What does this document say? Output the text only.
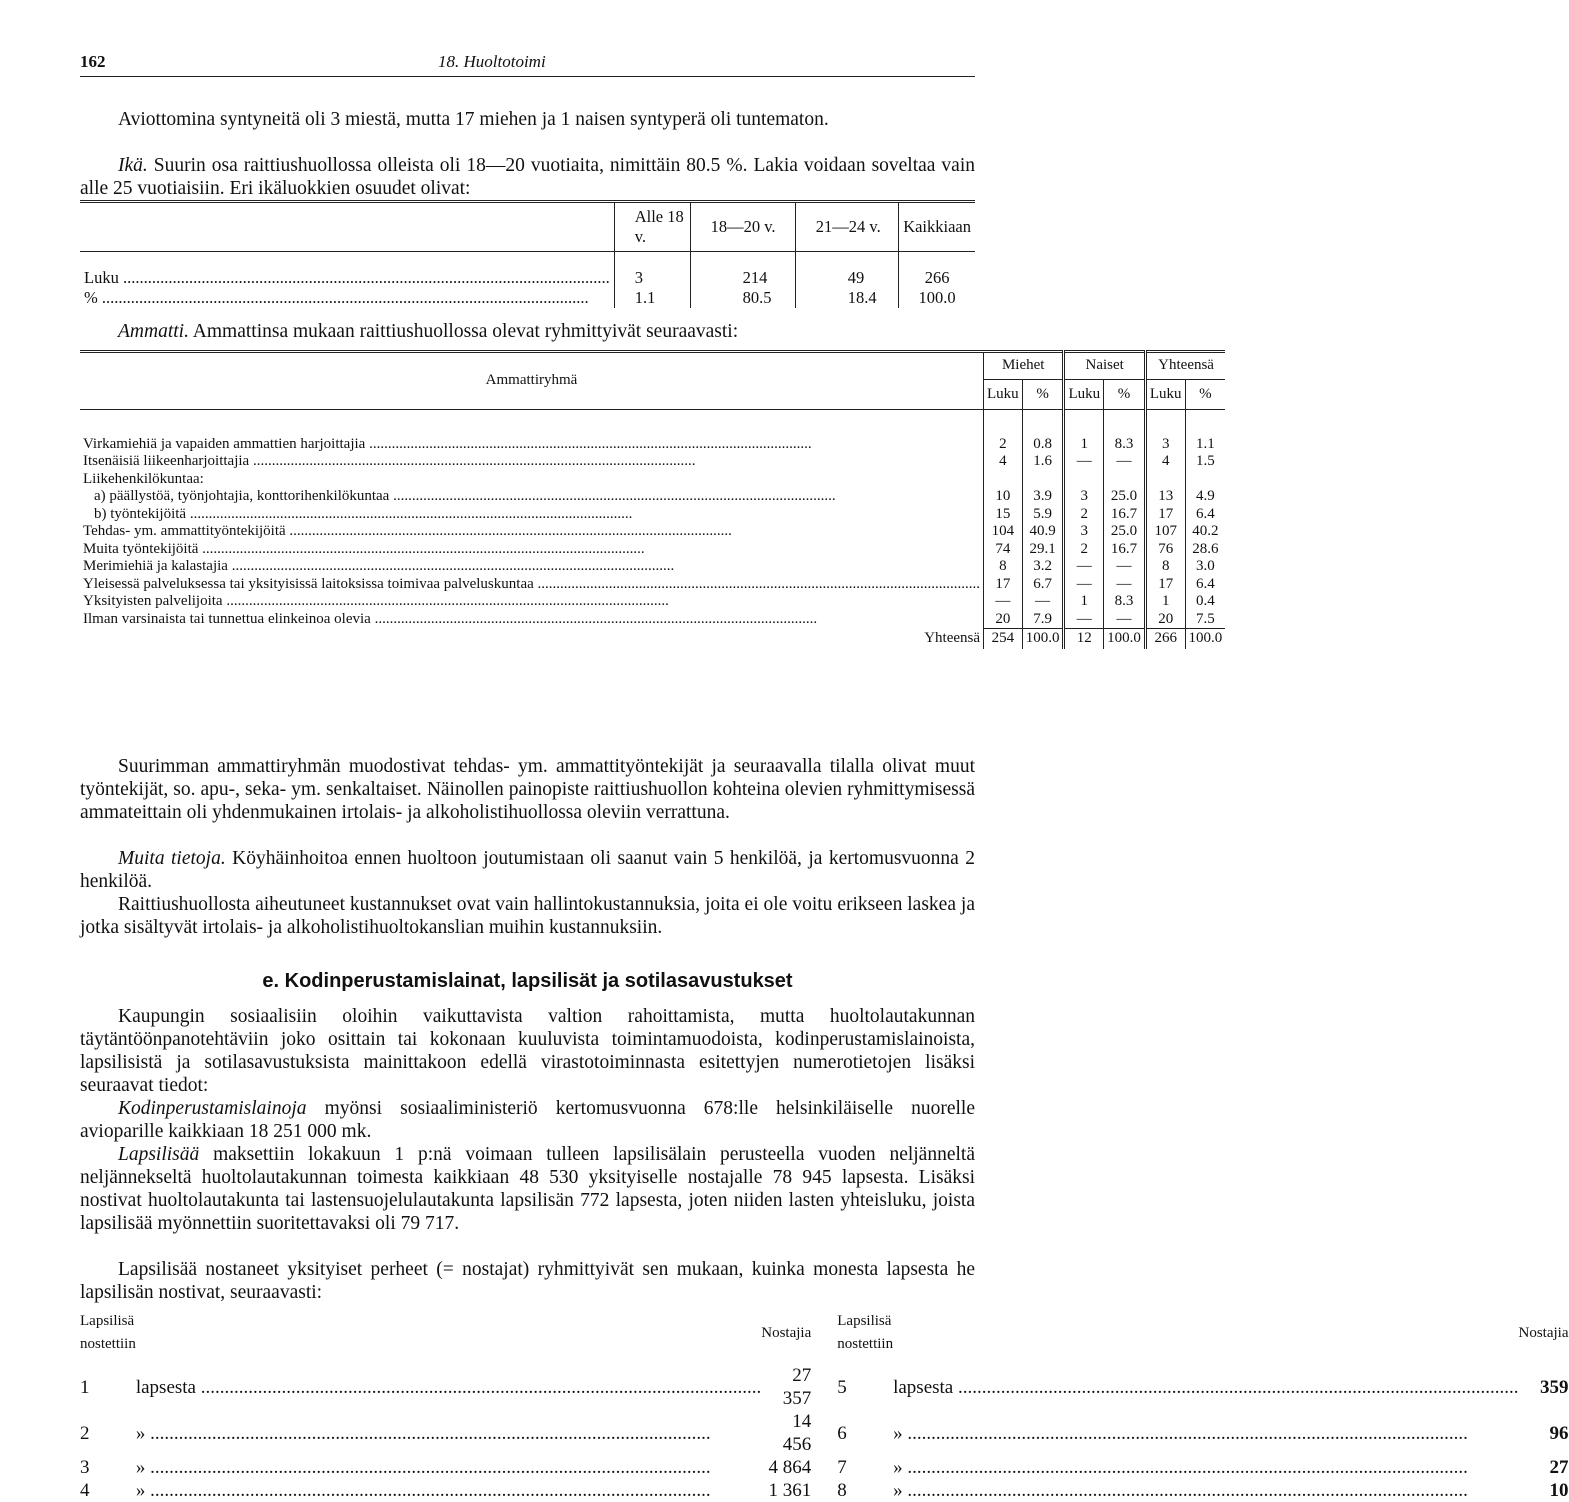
162	18. Huoltotoimi
Aviottomina syntyneitä oli 3 miestä, mutta 17 miehen ja 1 naisen syntyperä oli tuntematon.
Ikä. Suurin osa raittiushuollossa olleista oli 18—20 vuotiaita, nimittäin 80.5 %. Lakia voidaan soveltaa vain alle 25 vuotiaisiin. Eri ikäluokkien osuudet olivat:
	Alle 18 v.	18—20 v.	21—24 v.	Kaikkiaan

Luku .....	3	214	49	266
% .....	1.1	80.5	18.4	100.0
Ammatti. Ammattinsa mukaan raittiushuollossa olevat ryhmittyivät seuraavasti:
Ammattiryhmä	Miehet		Naiset		Yhteensä	
	Luku	%	Luku	%	Luku	%

Virkamiehiä ja vapaiden ammattien harjoittajia .....	2	0.8	1	8.3	3	1.1
Itsenäisiä liikeenharjoittajia .....	4	1.6	—	—	4	1.5
Liikehenkilökuntaa:						
a) päällystöä, työnjohtajia, konttorihenkilökuntaa .....	10	3.9	3	25.0	13	4.9
b) työntekijöitä .....	15	5.9	2	16.7	17	6.4
Tehdas- ym. ammattityöntekijöitä .....	104	40.9	3	25.0	107	40.2
Muita työntekijöitä .....	74	29.1	2	16.7	76	28.6
Merimiehiä ja kalastajia .....	8	3.2	—	—	8	3.0
Yleisessä palveluksessa tai yksityisissä laitoksissa toimivaa palveluskuntaa .....	17	6.7	—	—	17	6.4
Yksityisten palvelijoita .....	—	—	1	8.3	1	0.4
Ilman varsinaista tai tunnettua elinkeinoa olevia .....	20	7.9	—	—	20	7.5
Yhteensä	254	100.0	12	100.0	266	100.0
Suurimman ammattiryhmän muodostivat tehdas- ym. ammattityöntekijät ja seuraavalla tilalla olivat muut työntekijät, so. apu-, seka- ym. senkaltaiset. Näinollen painopiste raittiushuollon kohteina olevien ryhmittymisessä ammateittain oli yhdenmukainen irtolais- ja alkoholistihuollossa oleviin verrattuna.
Muita tietoja. Köyhäinhoitoa ennen huoltoon joutumistaan oli saanut vain 5 henkilöä, ja kertomusvuonna 2 henkilöä.
Raittiushuollosta aiheutuneet kustannukset ovat vain hallintokustannuksia, joita ei ole voitu erikseen laskea ja jotka sisältyvät irtolais- ja alkoholistihuoltokanslian muihin kustannuksiin.
e. Kodinperustamislainat, lapsilisät ja sotilasavustukset
Kaupungin sosiaalisiin oloihin vaikuttavista valtion rahoittamista, mutta huoltolautakunnan täytäntöönpanotehtäviin joko osittain tai kokonaan kuuluvista toimintamuodoista, kodinperustamislainoista, lapsilisistä ja sotilasavustuksista mainittakoon edellä virastotoiminnasta esitettyjen numerotietojen lisäksi seuraavat tiedot:
Kodinperustamislainoja myönsi sosiaaliministeriö kertomusvuonna 678:lle helsinkiläiselle nuorelle avioparille kaikkiaan 18 251 000 mk.
Lapsilisää maksettiin lokakuun 1 p:nä voimaan tulleen lapsilisälain perusteella vuoden neljänneltä neljännekseltä huoltolautakunnan toimesta kaikkiaan 48 530 yksityiselle nostajalle 78 945 lapsesta. Lisäksi nostivat huoltolautakunta tai lastensuojelulautakunta lapsilisän 772 lapsesta, joten niiden lasten yhteisluku, joista lapsilisää myönnettiin suoritettavaksi oli 79 717.
Lapsilisää nostaneet yksityiset perheet (= nostajat) ryhmittyivät sen mukaan, kuinka monesta lapsesta he lapsilisän nostivat, seuraavasti:
Lapsilisä nostettiin		Nostajia	Lapsilisä nostettiin		Nostajia
1	lapsesta .....	27 357	5	lapsesta .....	359
2	» .....	14 456	6	» .....	96
3	» .....	4 864	7	» .....	27
4	» .....	1 361	8	» .....	10
